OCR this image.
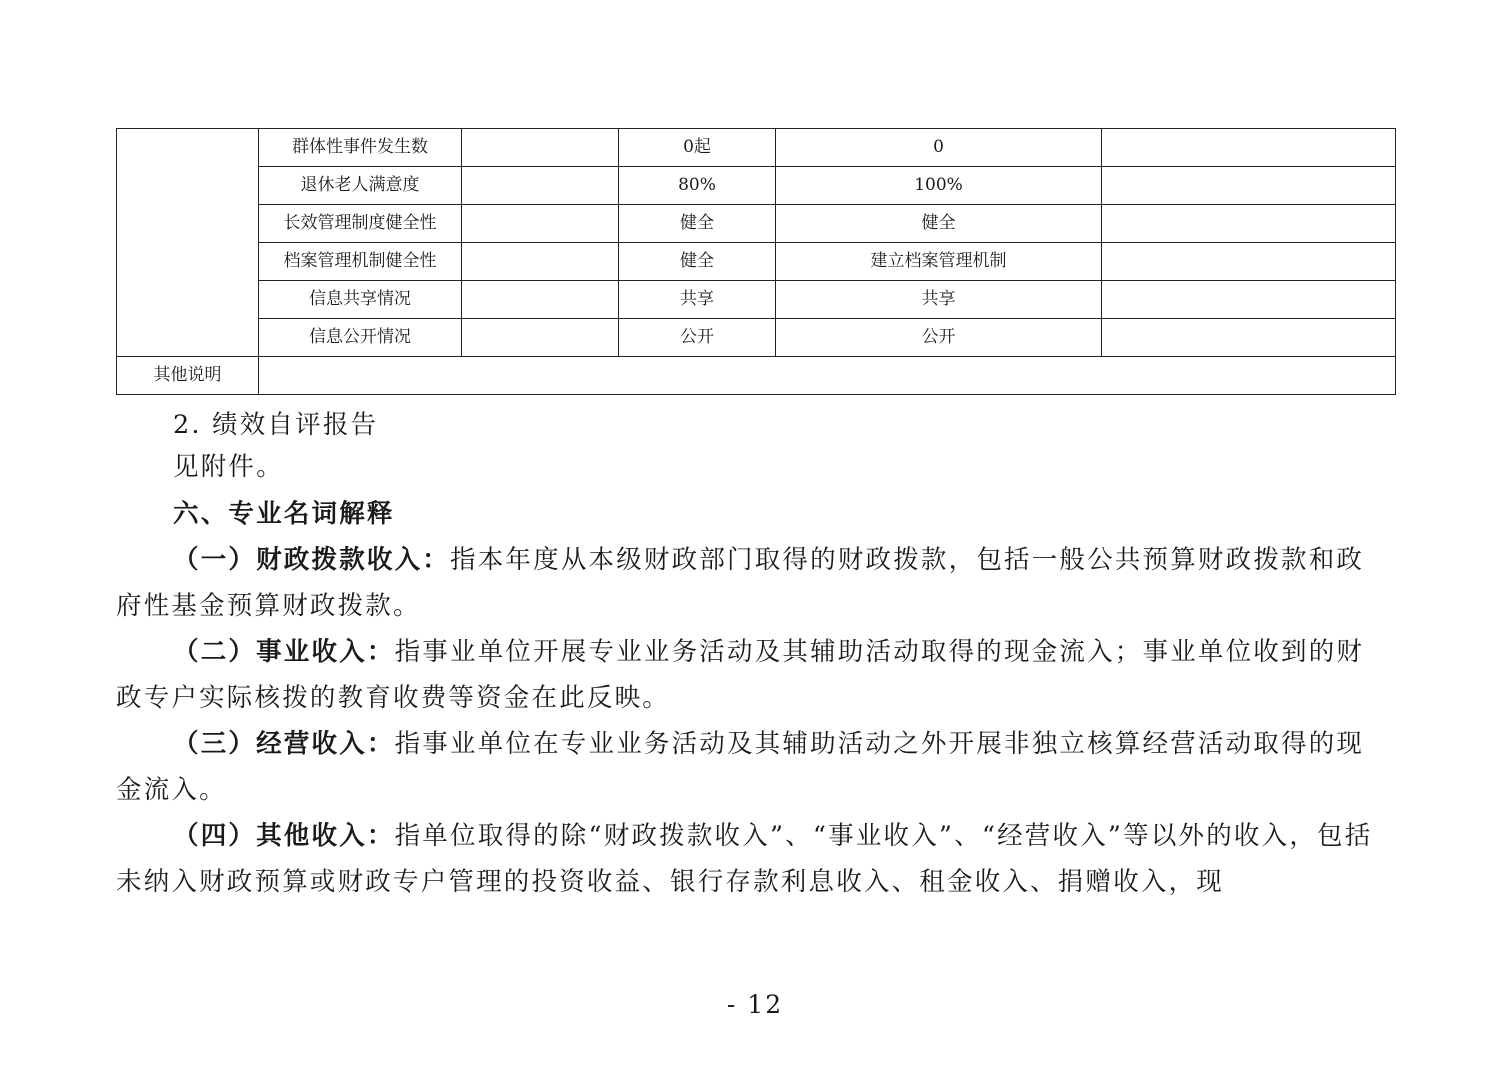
	群体性事件发生数		0起	0	
	退休老人满意度		80%	100%	
	长效管理制度健全性		健全	健全	
	档案管理机制健全性		健全	建立档案管理机制	
	信息共享情况		共享	共享	
	信息公开情况		公开	公开	
其他说明					
2. 绩效自评报告
见附件。
六、专业名词解释
（一）财政拨款收入：指本年度从本级财政部门取得的财政拨款，包括一般公共预算财政拨款和政府性基金预算财政拨款。
（二）事业收入：指事业单位开展专业业务活动及其辅助活动取得的现金流入；事业单位收到的财政专户实际核拨的教育收费等资金在此反映。
（三）经营收入：指事业单位在专业业务活动及其辅助活动之外开展非独立核算经营活动取得的现金流入。
（四）其他收入：指单位取得的除“财政拨款收入”、“事业收入”、“经营收入”等以外的收入，包括未纳入财政预算或财政专户管理的投资收益、银行存款利息收入、租金收入、捐赠收入，现
- 12
